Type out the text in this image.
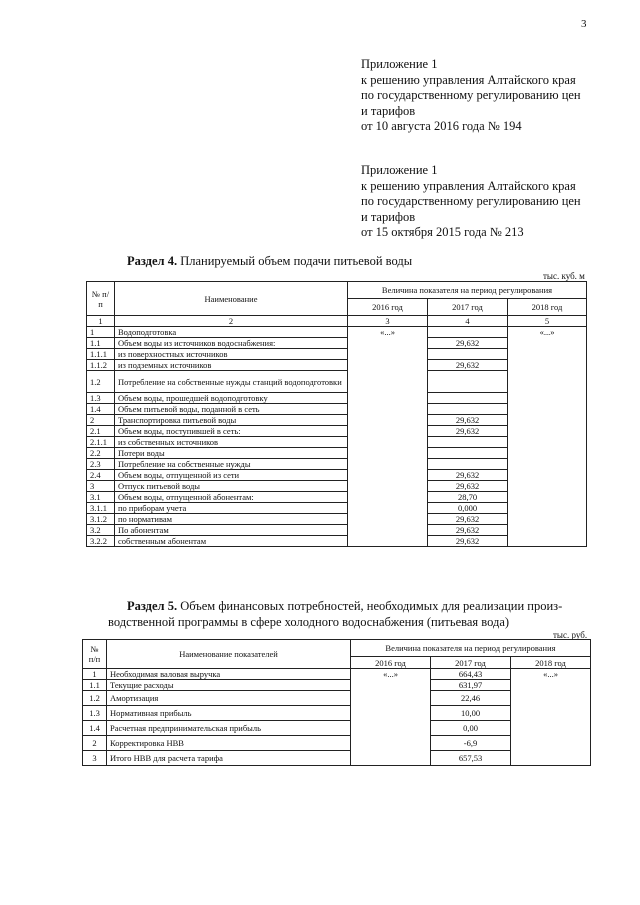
3
Приложение 1
к решению управления Алтайского края
по государственному регулированию цен
и тарифов
от 10 августа 2016 года № 194
Приложение 1
к решению управления Алтайского края
по государственному регулированию цен
и тарифов
от 15 октября 2015 года № 213
Раздел 4. Планируемый объем подачи питьевой воды
тыс. куб. м
№ п/п	Наименование	Величина показателя на период регулирования		
		2016 год	2017 год	2018 год
1	2	3	4	5
1	Водоподготовка	«...»		«...»
1.1	Объем воды из источников водоснабжения:		29,632	
1.1.1	из поверхностных источников			
1.1.2	из подземных источников		29,632	
1.2	Потребление на собственные нужды станций водоподготовки			
1.3	Объем воды, прошедшей водоподготовку			
1.4	Объем питьевой воды, поданной в сеть			
2	Транспортировка питьевой воды		29,632	
2.1	Объем воды, поступившей в сеть:		29,632	
2.1.1	из собственных источников			
2.2	Потери воды			
2.3	Потребление на собственные нужды			
2.4	Объем воды, отпущенной из сети		29,632	
3	Отпуск питьевой воды		29,632	
3.1	Объем воды, отпущенной абонентам:		28,70	
3.1.1	по приборам учета		0,000	
3.1.2	по нормативам		29,632	
3.2	По абонентам		29,632	
3.2.2	собственным абонентам		29,632	
Раздел 5. Объем финансовых потребностей, необходимых для реализации произ-
водственной программы в сфере холодного водоснабжения (питьевая вода)
тыс. руб.
№ п/п	Наименование показателей	Величина показателя на период регулирования		
		2016 год	2017 год	2018 год
1	Необходимая валовая выручка	«...»	664,43	«...»
1.1	Текущие расходы		631,97	
1.2	Амортизация		22,46	
1.3	Нормативная прибыль		10,00	
1.4	Расчетная предпринимательская прибыль		0,00	
2	Корректировка НВВ		-6,9	
3	Итого НВВ для расчета тарифа		657,53	
